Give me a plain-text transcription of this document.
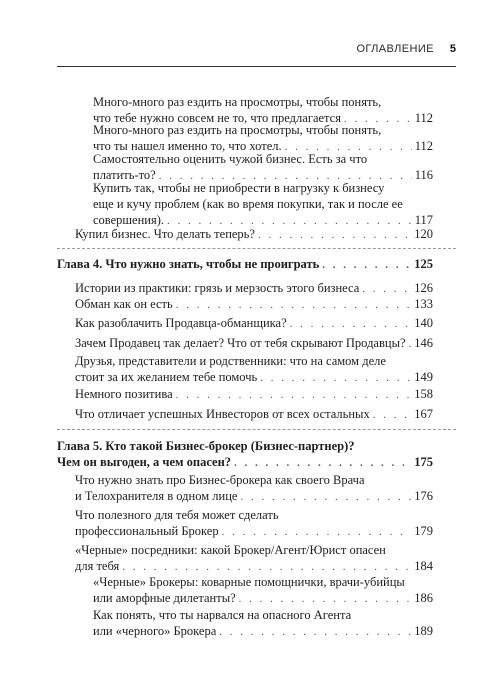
ОГЛАВЛЕНИЕ 5
Много-много раз ездить на просмотры, чтобы понять,
что тебе нужно совсем не то, что предлагается . . .	112
Много-много раз ездить на просмотры, чтобы понять,
что ты нашел именно то, что хотел. . . .	112
Самостоятельно оценить чужой бизнес. Есть за что
платить-то? . . .	116
Купить так, чтобы не приобрести в нагрузку к бизнесу
еще и кучу проблем (как во время покупки, так и после ее
совершения). . . .	117
Купил бизнес. Что делать теперь? . . .	120
Глава 4. Что нужно знать, чтобы не проиграть . . .	125
Истории из практики: грязь и мерзость этого бизнеса . . .	126
Обман как он есть . . .	133
Как разоблачить Продавца-обманщика? . . .	140
Зачем Продавец так делает? Что от тебя скрывают Продавцы? . . . 146
Друзья, представители и родственники: что на самом деле
стоит за их желанием тебе помочь . . .	149
Немного позитива . . .	158
Что отличает успешных Инвесторов от всех остальных . . .	167
Глава 5. Кто такой Бизнес-брокер (Бизнес-партнер)?
Чем он выгоден, а чем опасен? . . .	175
Что нужно знать про Бизнес-брокера как своего Врача
и Телохранителя в одном лице . . .	176
Что полезного для тебя может сделать
профессиональный Брокер . . .	179
«Черные» посредники: какой Брокер/Агент/Юрист опасен
для тебя . . .	184
«Черные» Брокеры: коварные помощнички, врачи-убийцы
или аморфные дилетанты? . . .	186
Как понять, что ты нарвался на опасного Агента
или «черного» Брокера . . .	189
